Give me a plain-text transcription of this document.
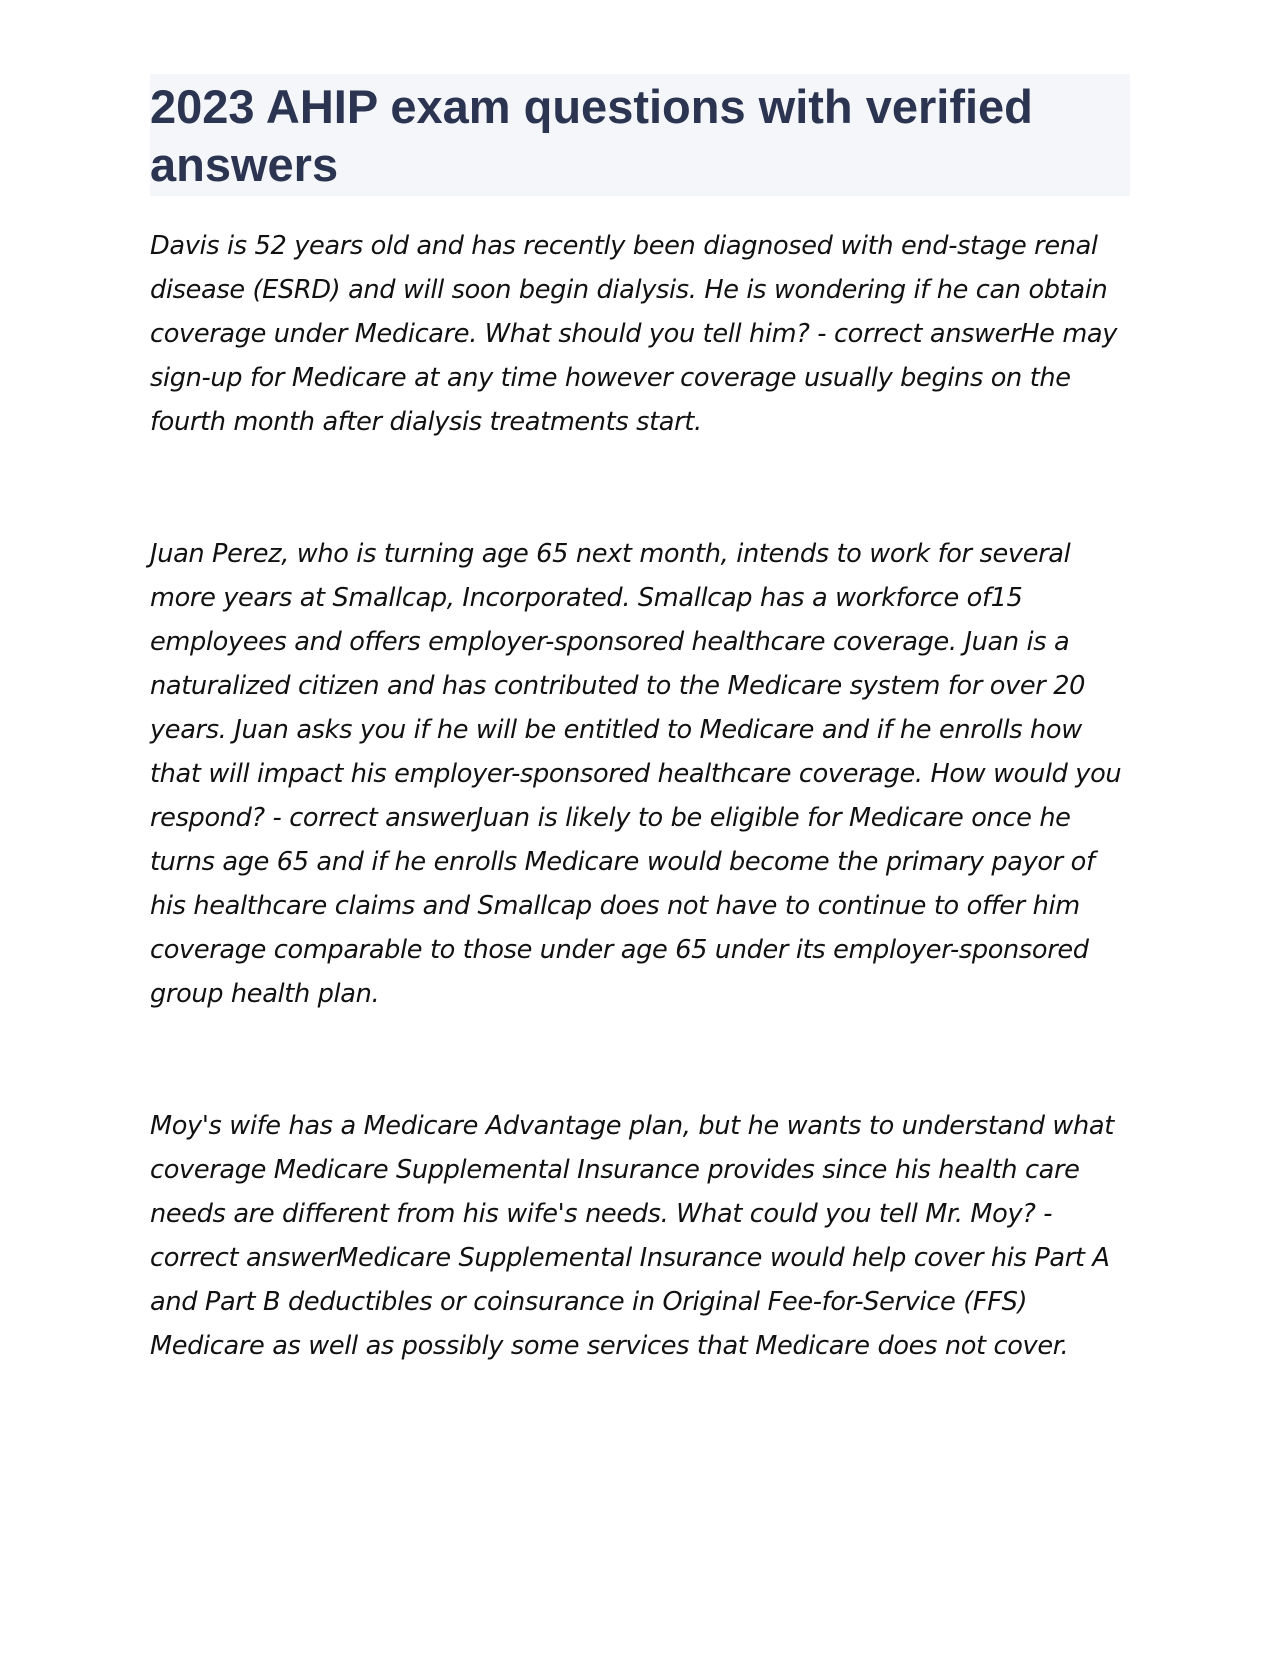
2023 AHIP exam questions with verified answers

Davis is 52 years old and has recently been diagnosed with end-stage renal disease (ESRD) and will soon begin dialysis. He is wondering if he can obtain coverage under Medicare. What should you tell him? - correct answerHe may sign-up for Medicare at any time however coverage usually begins on the fourth month after dialysis treatments start.

Juan Perez, who is turning age 65 next month, intends to work for several more years at Smallcap, Incorporated. Smallcap has a workforce of15 employees and offers employer-sponsored healthcare coverage. Juan is a naturalized citizen and has contributed to the Medicare system for over 20 years. Juan asks you if he will be entitled to Medicare and if he enrolls how that will impact his employer-sponsored healthcare coverage. How would you respond? - correct answerJuan is likely to be eligible for Medicare once he turns age 65 and if he enrolls Medicare would become the primary payor of his healthcare claims and Smallcap does not have to continue to offer him coverage comparable to those under age 65 under its employer-sponsored group health plan.

Moy's wife has a Medicare Advantage plan, but he wants to understand what coverage Medicare Supplemental Insurance provides since his health care needs are different from his wife's needs. What could you tell Mr. Moy? - correct answerMedicare Supplemental Insurance would help cover his Part A and Part B deductibles or coinsurance in Original Fee-for-Service (FFS) Medicare as well as possibly some services that Medicare does not cover.
